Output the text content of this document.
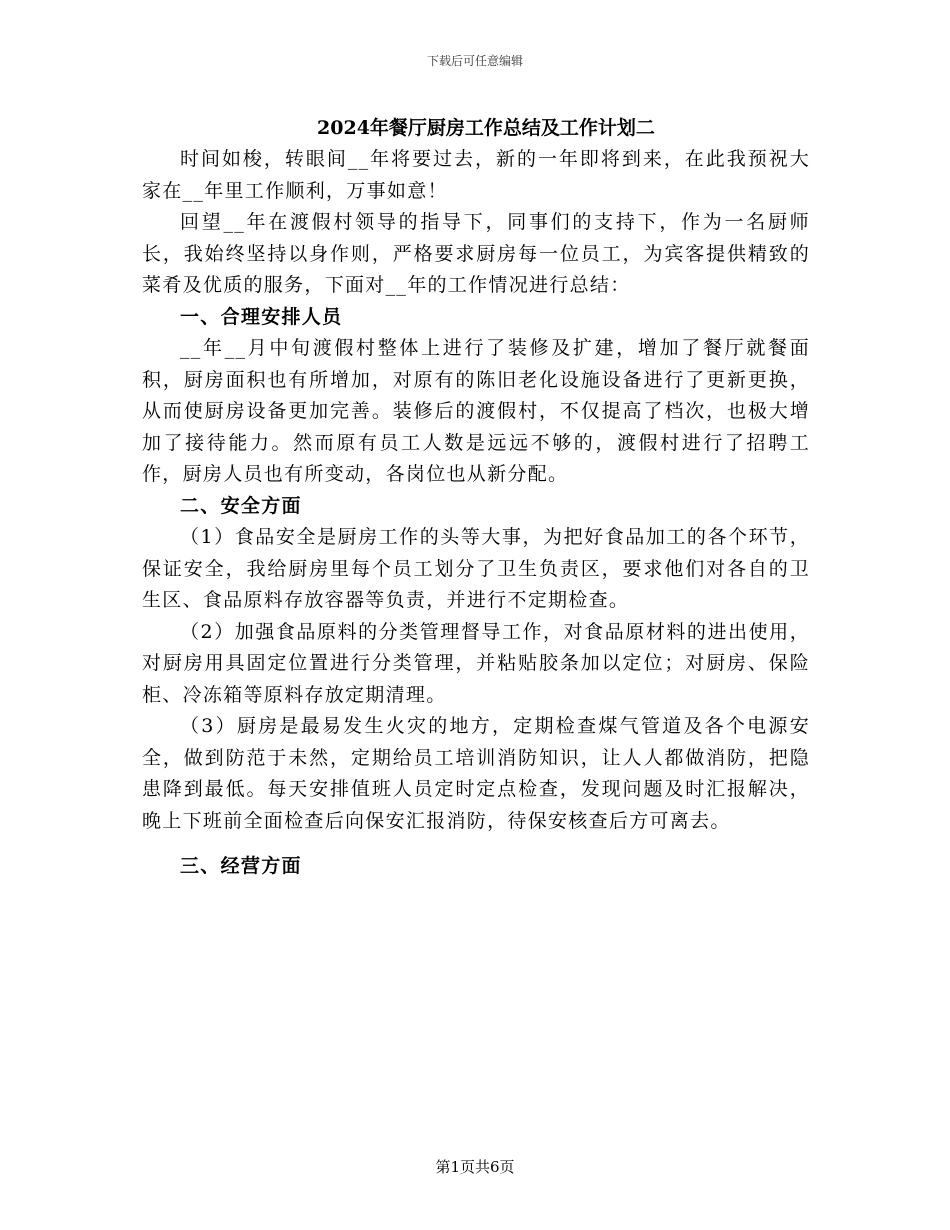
下载后可任意编辑
2024年餐厅厨房工作总结及工作计划二

时间如梭，转眼间__年将要过去，新的一年即将到来，在此我预祝大家在__年里工作顺利，万事如意！

回望__年在渡假村领导的指导下，同事们的支持下，作为一名厨师长，我始终坚持以身作则，严格要求厨房每一位员工，为宾客提供精致的菜肴及优质的服务，下面对__年的工作情况进行总结：

一、合理安排人员

__年__月中旬渡假村整体上进行了装修及扩建，增加了餐厅就餐面积，厨房面积也有所增加，对原有的陈旧老化设施设备进行了更新更换，从而使厨房设备更加完善。装修后的渡假村，不仅提高了档次，也极大增加了接待能力。然而原有员工人数是远远不够的，渡假村进行了招聘工作，厨房人员也有所变动，各岗位也从新分配。

二、安全方面

（1）食品安全是厨房工作的头等大事，为把好食品加工的各个环节，保证安全，我给厨房里每个员工划分了卫生负责区，要求他们对各自的卫生区、食品原料存放容器等负责，并进行不定期检查。

（2）加强食品原料的分类管理督导工作，对食品原材料的进出使用，对厨房用具固定位置进行分类管理，并粘贴胶条加以定位；对厨房、保险柜、冷冻箱等原料存放定期清理。

（3）厨房是最易发生火灾的地方，定期检查煤气管道及各个电源安全，做到防范于未然，定期给员工培训消防知识，让人人都做消防，把隐患降到最低。每天安排值班人员定时定点检查，发现问题及时汇报解决，晚上下班前全面检查后向保安汇报消防，待保安核查后方可离去。

三、经营方面

第1页共6页
